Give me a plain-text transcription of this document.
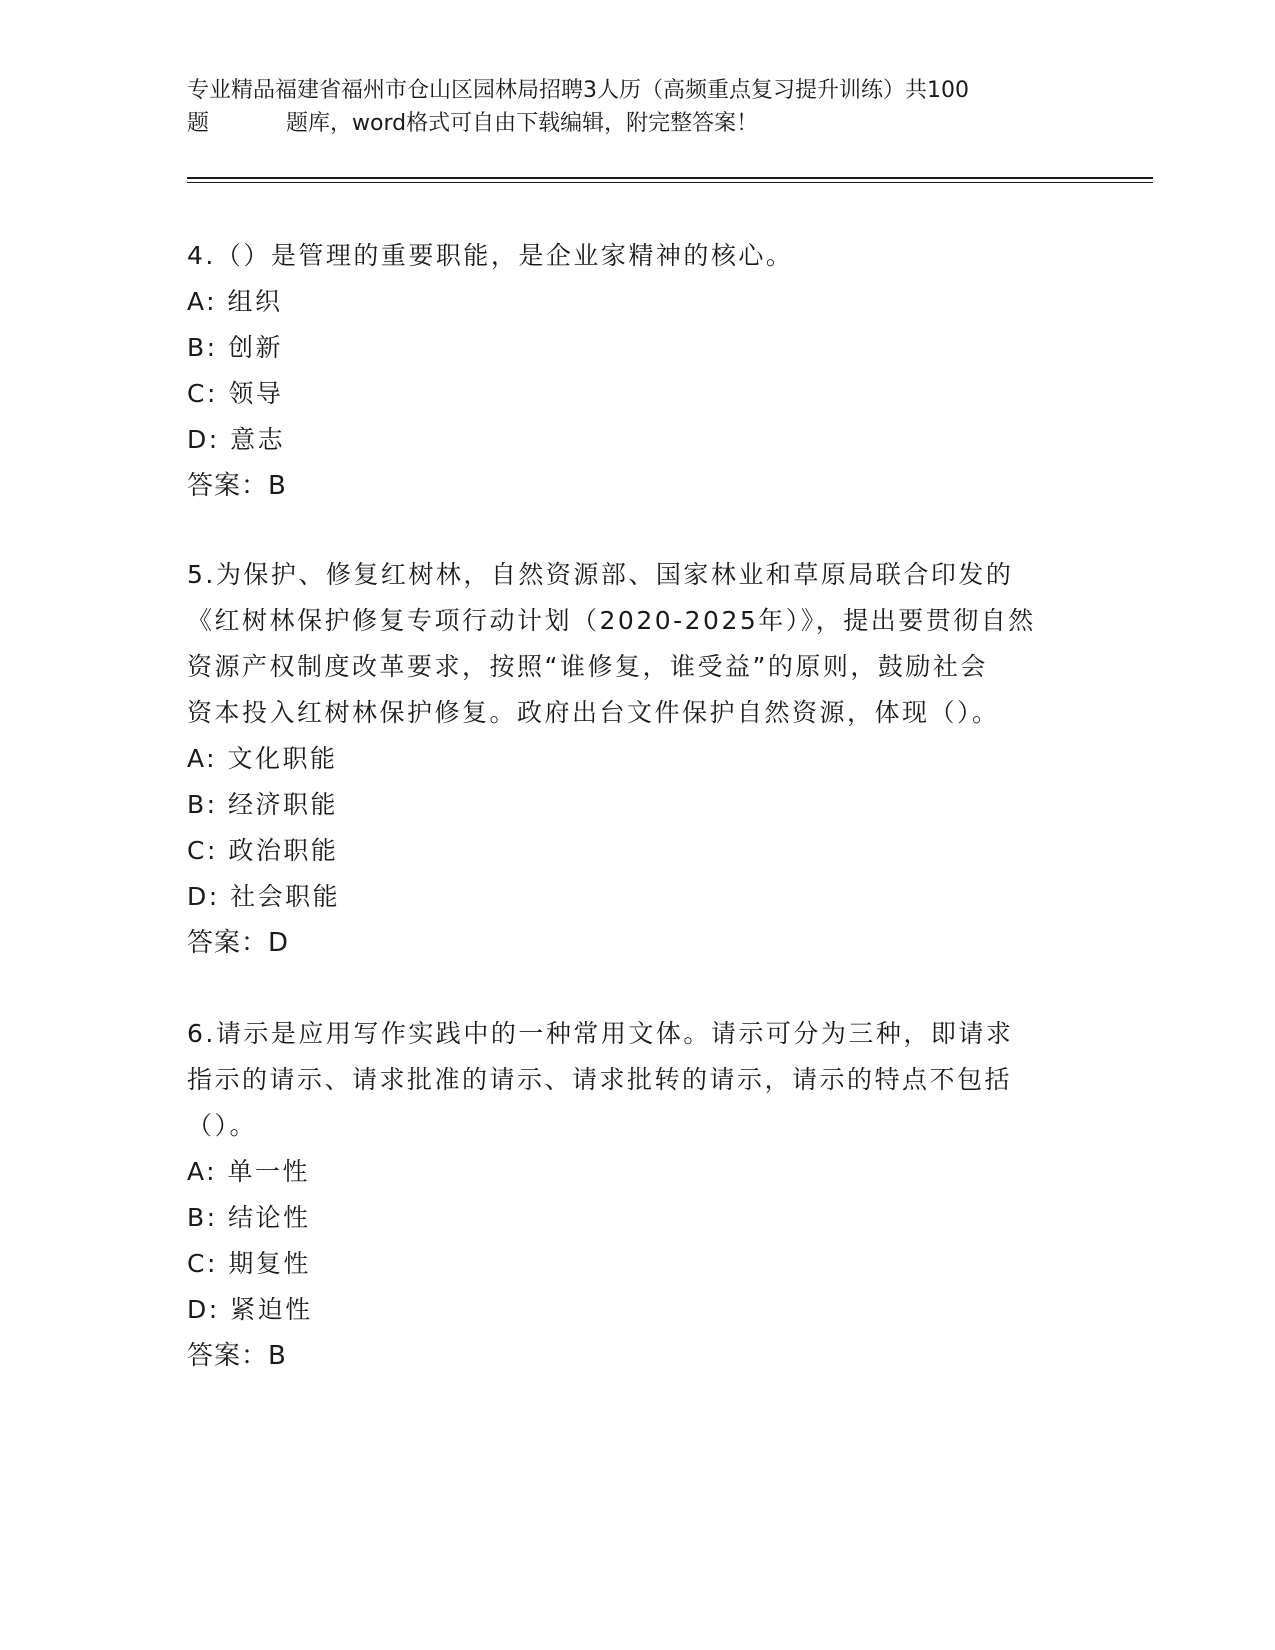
专业精品福建省福州市仓山区园林局招聘3人历（高频重点复习提升训练）共100
题	题库，word格式可自由下载编辑，附完整答案！

4.（）是管理的重要职能，是企业家精神的核心。

A: 组织

B: 创新

C: 领导

D: 意志

答案：B

5.为保护、修复红树林，自然资源部、国家林业和草原局联合印发的

《红树林保护修复专项行动计划（2020-2025年）》，提出要贯彻自然

资源产权制度改革要求，按照“谁修复，谁受益”的原则，鼓励社会

资本投入红树林保护修复。政府出台文件保护自然资源，体现（）。

A: 文化职能

B: 经济职能

C: 政治职能

D: 社会职能

答案：D

6.请示是应用写作实践中的一种常用文体。请示可分为三种，即请求

指示的请示、请求批准的请示、请求批转的请示，请示的特点不包括

（）。

A: 单一性

B: 结论性

C: 期复性

D: 紧迫性

答案：B
